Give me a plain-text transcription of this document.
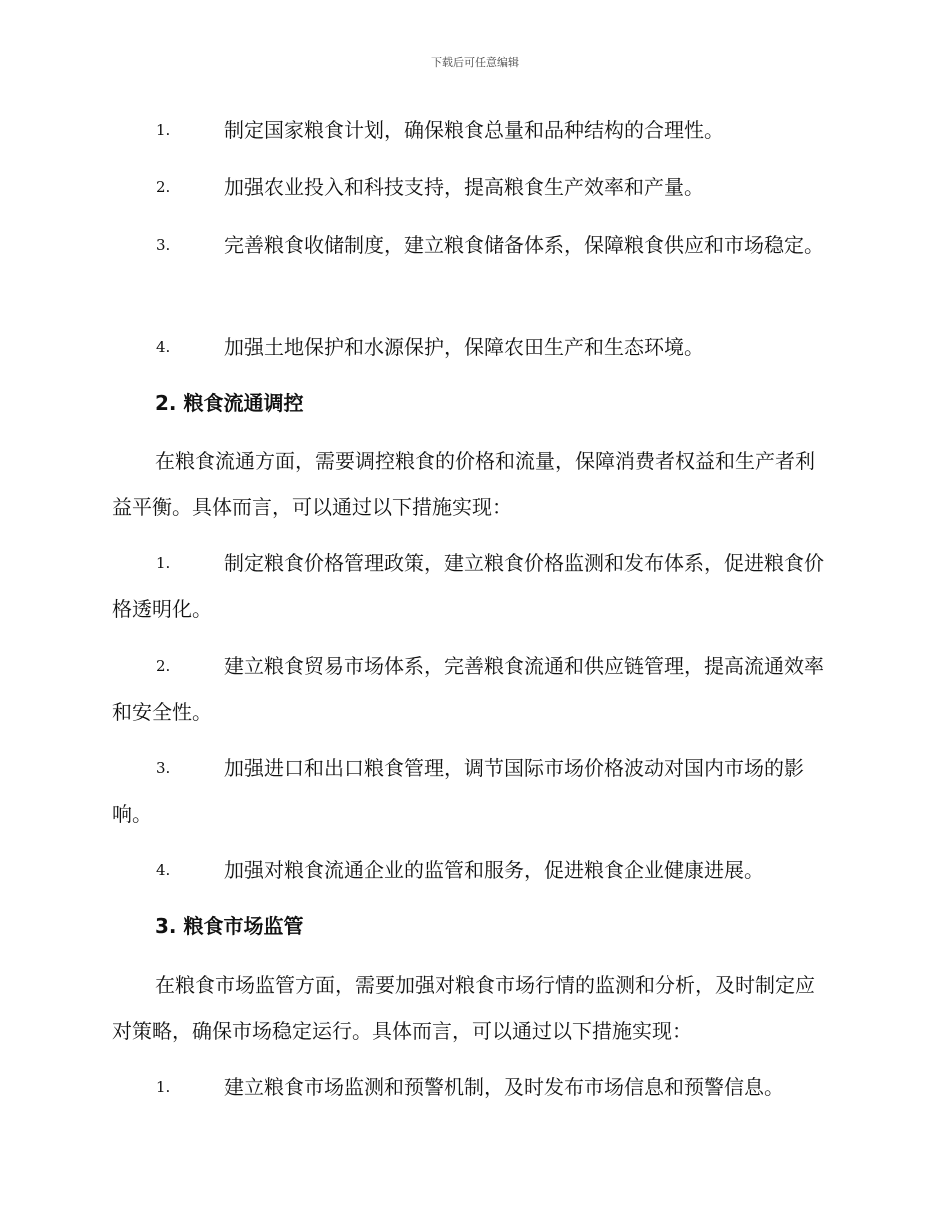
下载后可任意编辑
1.	制定国家粮食计划，确保粮食总量和品种结构的合理性。
2.	加强农业投入和科技支持，提高粮食生产效率和产量。
3.	完善粮食收储制度，建立粮食储备体系，保障粮食供应和市场稳定。
4.	加强土地保护和水源保护，保障农田生产和生态环境。
2. 粮食流通调控
在粮食流通方面，需要调控粮食的价格和流量，保障消费者权益和生产者利益平衡。具体而言，可以通过以下措施实现：
1.	制定粮食价格管理政策，建立粮食价格监测和发布体系，促进粮食价格透明化。
2.	建立粮食贸易市场体系，完善粮食流通和供应链管理，提高流通效率和安全性。
3.	加强进口和出口粮食管理，调节国际市场价格波动对国内市场的影响。
4.	加强对粮食流通企业的监管和服务，促进粮食企业健康进展。
3. 粮食市场监管
在粮食市场监管方面，需要加强对粮食市场行情的监测和分析，及时制定应对策略，确保市场稳定运行。具体而言，可以通过以下措施实现：
1.	建立粮食市场监测和预警机制，及时发布市场信息和预警信息。
